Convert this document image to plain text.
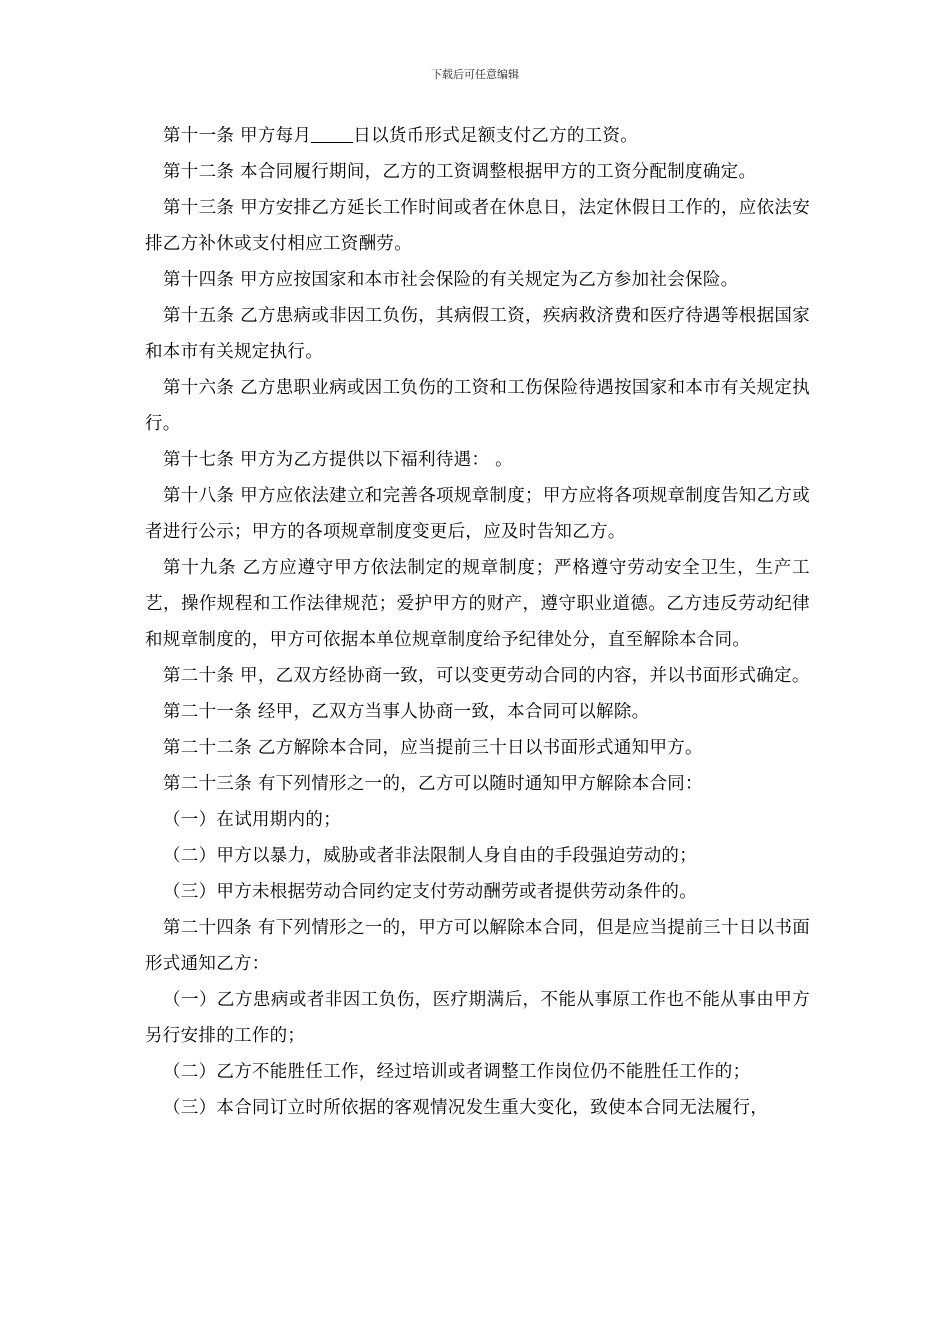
下载后可任意编辑

第十一条 甲方每月 日以货币形式足额支付乙方的工资。

第十二条 本合同履行期间，乙方的工资调整根据甲方的工资分配制度确定。

第十三条 甲方安排乙方延长工作时间或者在休息日，法定休假日工作的，应依法安排乙方补休或支付相应工资酬劳。

第十四条 甲方应按国家和本市社会保险的有关规定为乙方参加社会保险。

第十五条 乙方患病或非因工负伤，其病假工资，疾病救济费和医疗待遇等根据国家和本市有关规定执行。

第十六条 乙方患职业病或因工负伤的工资和工伤保险待遇按国家和本市有关规定执行。

第十七条 甲方为乙方提供以下福利待遇： 。

第十八条 甲方应依法建立和完善各项规章制度；甲方应将各项规章制度告知乙方或者进行公示；甲方的各项规章制度变更后，应及时告知乙方。

第十九条 乙方应遵守甲方依法制定的规章制度；严格遵守劳动安全卫生，生产工艺，操作规程和工作法律规范；爱护甲方的财产，遵守职业道德。乙方违反劳动纪律和规章制度的，甲方可依据本单位规章制度给予纪律处分，直至解除本合同。

第二十条 甲，乙双方经协商一致，可以变更劳动合同的内容，并以书面形式确定。

第二十一条 经甲，乙双方当事人协商一致，本合同可以解除。

第二十二条 乙方解除本合同，应当提前三十日以书面形式通知甲方。

第二十三条 有下列情形之一的，乙方可以随时通知甲方解除本合同：

（一）在试用期内的；

（二）甲方以暴力，威胁或者非法限制人身自由的手段强迫劳动的；

（三）甲方未根据劳动合同约定支付劳动酬劳或者提供劳动条件的。

第二十四条 有下列情形之一的，甲方可以解除本合同，但是应当提前三十日以书面形式通知乙方：

（一）乙方患病或者非因工负伤，医疗期满后，不能从事原工作也不能从事由甲方另行安排的工作的；

（二）乙方不能胜任工作，经过培训或者调整工作岗位仍不能胜任工作的；

（三）本合同订立时所依据的客观情况发生重大变化，致使本合同无法履行，
